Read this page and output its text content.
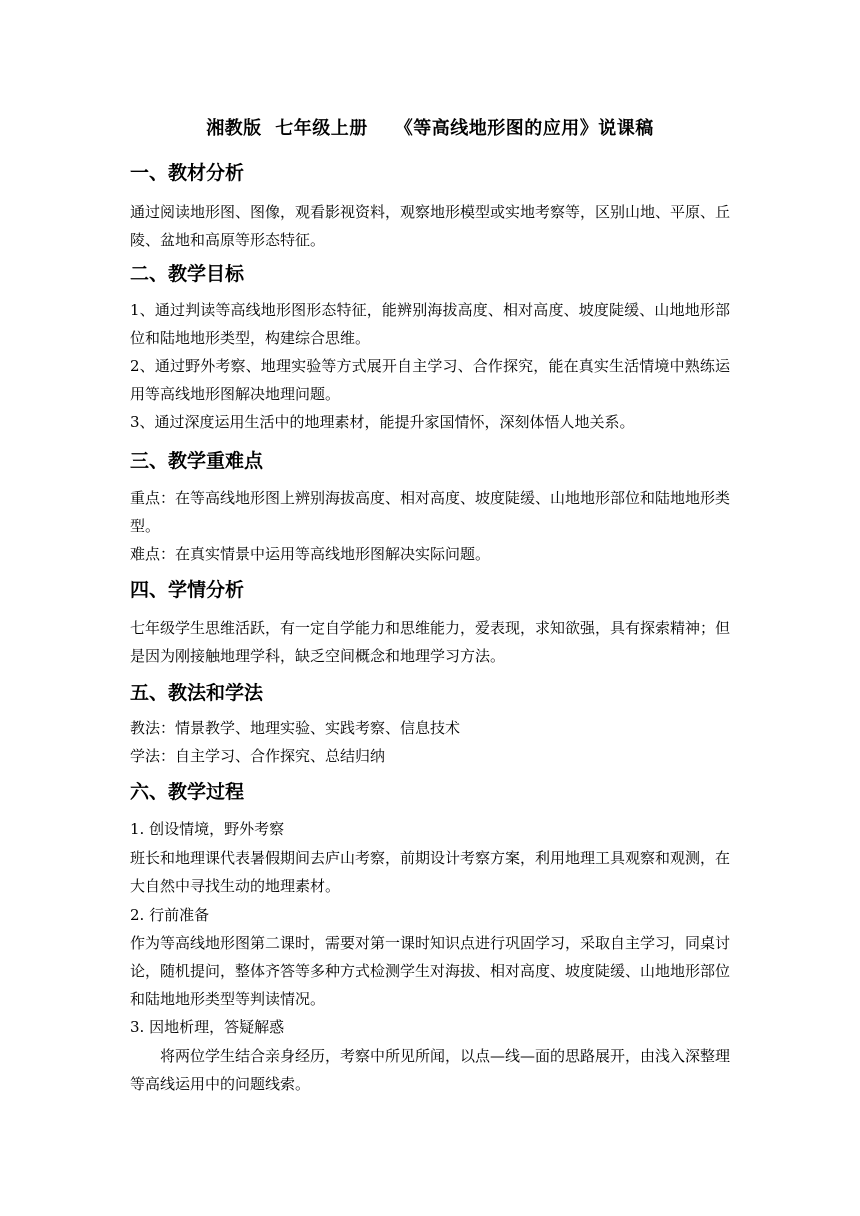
湘教版  七年级上册    《等高线地形图的应用》说课稿
一、教材分析
通过阅读地形图、图像，观看影视资料，观察地形模型或实地考察等，区别山地、平原、丘陵、盆地和高原等形态特征。
二、教学目标
1、通过判读等高线地形图形态特征，能辨别海拔高度、相对高度、坡度陡缓、山地地形部位和陆地地形类型，构建综合思维。
2、通过野外考察、地理实验等方式展开自主学习、合作探究，能在真实生活情境中熟练运用等高线地形图解决地理问题。
3、通过深度运用生活中的地理素材，能提升家国情怀，深刻体悟人地关系。
三、教学重难点
重点：在等高线地形图上辨别海拔高度、相对高度、坡度陡缓、山地地形部位和陆地地形类型。
难点：在真实情景中运用等高线地形图解决实际问题。
四、学情分析
七年级学生思维活跃，有一定自学能力和思维能力，爱表现，求知欲强，具有探索精神；但是因为刚接触地理学科，缺乏空间概念和地理学习方法。
五、教法和学法
教法：情景教学、地理实验、实践考察、信息技术
学法：自主学习、合作探究、总结归纳
六、教学过程
1. 创设情境，野外考察
班长和地理课代表暑假期间去庐山考察，前期设计考察方案，利用地理工具观察和观测，在大自然中寻找生动的地理素材。
2. 行前准备
作为等高线地形图第二课时，需要对第一课时知识点进行巩固学习，采取自主学习，同桌讨论，随机提问，整体齐答等多种方式检测学生对海拔、相对高度、坡度陡缓、山地地形部位和陆地地形类型等判读情况。
3. 因地析理，答疑解惑
将两位学生结合亲身经历，考察中所见所闻，以点—线—面的思路展开，由浅入深整理等高线运用中的问题线索。
